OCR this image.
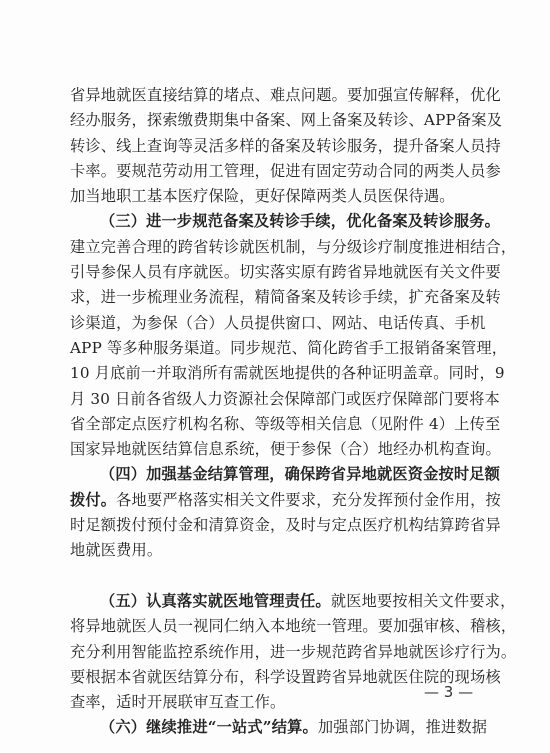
省异地就医直接结算的堵点、难点问题。要加强宣传解释，优化
经办服务，探索缴费期集中备案、网上备案及转诊、APP备案及
转诊、线上查询等灵活多样的备案及转诊服务，提升备案人员持
卡率。要规范劳动用工管理，促进有固定劳动合同的两类人员参
加当地职工基本医疗保险，更好保障两类人员医保待遇。
（三）进一步规范备案及转诊手续，优化备案及转诊服务。
建立完善合理的跨省转诊就医机制，与分级诊疗制度推进相结合，
引导参保人员有序就医。切实落实原有跨省异地就医有关文件要
求，进一步梳理业务流程，精简备案及转诊手续，扩充备案及转
诊渠道，为参保（合）人员提供窗口、网站、电话传真、手机
APP 等多种服务渠道。同步规范、简化跨省手工报销备案管理，
10 月底前一并取消所有需就医地提供的各种证明盖章。同时，9
月 30 日前各省级人力资源社会保障部门或医疗保障部门要将本
省全部定点医疗机构名称、等级等相关信息（见附件 4）上传至
国家异地就医结算信息系统，便于参保（合）地经办机构查询。
（四）加强基金结算管理，确保跨省异地就医资金按时足额
拨付。各地要严格落实相关文件要求，充分发挥预付金作用，按
时足额拨付预付金和清算资金，及时与定点医疗机构结算跨省异
地就医费用。
（五）认真落实就医地管理责任。就医地要按相关文件要求，
将异地就医人员一视同仁纳入本地统一管理。要加强审核、稽核，
充分利用智能监控系统作用，进一步规范跨省异地就医诊疗行为。
要根据本省就医结算分布，科学设置跨省异地就医住院的现场核
查率，适时开展联审互查工作。
（六）继续推进“一站式”结算。加强部门协调，推进数据
— 3 —
